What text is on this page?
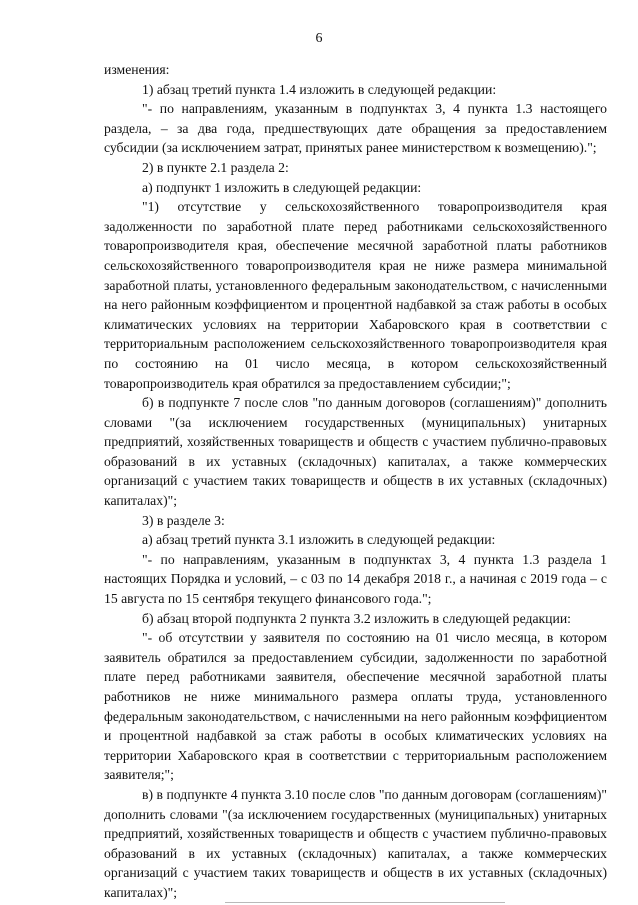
6

изменения:

1) абзац третий пункта 1.4 изложить в следующей редакции:

"- по направлениям, указанным в подпунктах 3, 4 пункта 1.3 настоящего раздела, – за два года, предшествующих дате обращения за предоставлением субсидии (за исключением затрат, принятых ранее министерством к возмещению).";

2) в пункте 2.1 раздела 2:

а) подпункт 1 изложить в следующей редакции:

"1) отсутствие у сельскохозяйственного товаропроизводителя края задолженности по заработной плате перед работниками сельскохозяйственного товаропроизводителя края, обеспечение месячной заработной платы работников сельскохозяйственного товаропроизводителя края не ниже размера минимальной заработной платы, установленного федеральным законодательством, с начисленными на него районным коэффициентом и процентной надбавкой за стаж работы в особых климатических условиях на территории Хабаровского края в соответствии с территориальным расположением сельскохозяйственного товаропроизводителя края по состоянию на 01 число месяца, в котором сельскохозяйственный товаропроизводитель края обратился за предоставлением субсидии;";

б) в подпункте 7 после слов "по данным договоров (соглашениям)" дополнить словами "(за исключением государственных (муниципальных) унитарных предприятий, хозяйственных товариществ и обществ с участием публично-правовых образований в их уставных (складочных) капиталах, а также коммерческих организаций с участием таких товариществ и обществ в их уставных (складочных) капиталах)";

3) в разделе 3:

а) абзац третий пункта 3.1 изложить в следующей редакции:

"- по направлениям, указанным в подпунктах 3, 4 пункта 1.3 раздела 1 настоящих Порядка и условий, – с 03 по 14 декабря 2018 г., а начиная с 2019 года – с 15 августа по 15 сентября текущего финансового года.";

б) абзац второй подпункта 2 пункта 3.2 изложить в следующей редакции:

"- об отсутствии у заявителя по состоянию на 01 число месяца, в котором заявитель обратился за предоставлением субсидии, задолженности по заработной плате перед работниками заявителя, обеспечение месячной заработной платы работников не ниже минимального размера оплаты труда, установленного федеральным законодательством, с начисленными на него районным коэффициентом и процентной надбавкой за стаж работы в особых климатических условиях на территории Хабаровского края в соответствии с территориальным расположением заявителя;";

в) в подпункте 4 пункта 3.10 после слов "по данным договорам (соглашениям)" дополнить словами "(за исключением государственных (муниципальных) унитарных предприятий, хозяйственных товариществ и обществ с участием публично-правовых образований в их уставных (складочных) капиталах, а также коммерческих организаций с участием таких товариществ и обществ в их уставных (складочных) капиталах)";
